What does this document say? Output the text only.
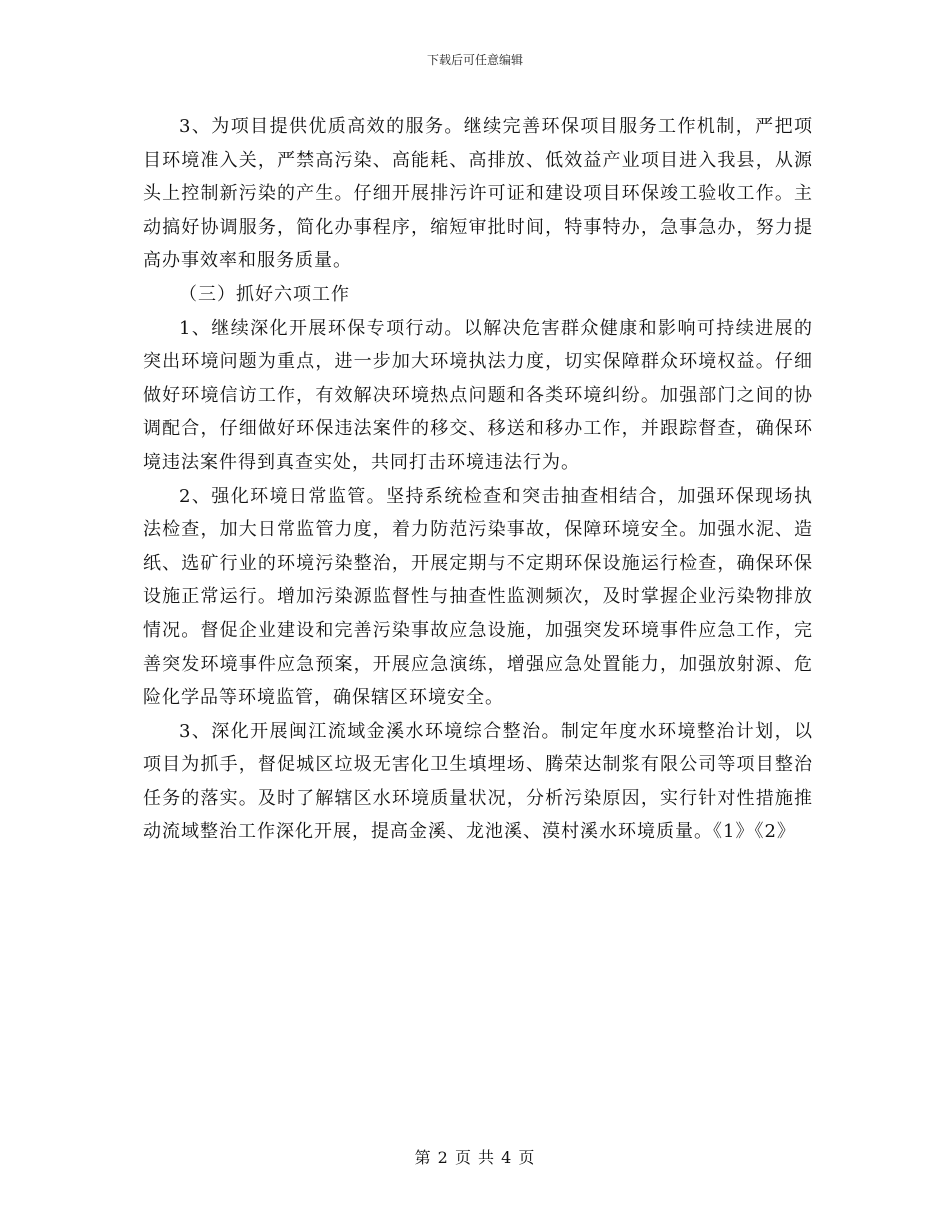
下载后可任意编辑

3、为项目提供优质高效的服务。继续完善环保项目服务工作机制，严把项目环境准入关，严禁高污染、高能耗、高排放、低效益产业项目进入我县，从源头上控制新污染的产生。仔细开展排污许可证和建设项目环保竣工验收工作。主动搞好协调服务，简化办事程序，缩短审批时间，特事特办，急事急办，努力提高办事效率和服务质量。

（三）抓好六项工作

1、继续深化开展环保专项行动。以解决危害群众健康和影响可持续进展的突出环境问题为重点，进一步加大环境执法力度，切实保障群众环境权益。仔细做好环境信访工作，有效解决环境热点问题和各类环境纠纷。加强部门之间的协调配合，仔细做好环保违法案件的移交、移送和移办工作，并跟踪督查，确保环境违法案件得到真查实处，共同打击环境违法行为。

2、强化环境日常监管。坚持系统检查和突击抽查相结合，加强环保现场执法检查，加大日常监管力度，着力防范污染事故，保障环境安全。加强水泥、造纸、选矿行业的环境污染整治，开展定期与不定期环保设施运行检查，确保环保设施正常运行。增加污染源监督性与抽查性监测频次，及时掌握企业污染物排放情况。督促企业建设和完善污染事故应急设施，加强突发环境事件应急工作，完善突发环境事件应急预案，开展应急演练，增强应急处置能力，加强放射源、危险化学品等环境监管，确保辖区环境安全。

3、深化开展闽江流域金溪水环境综合整治。制定年度水环境整治计划，以项目为抓手，督促城区垃圾无害化卫生填埋场、腾荣达制浆有限公司等项目整治任务的落实。及时了解辖区水环境质量状况，分析污染原因，实行针对性措施推动流域整治工作深化开展，提高金溪、龙池溪、漠村溪水环境质量。《1》《2》

第 2 页 共 4 页
